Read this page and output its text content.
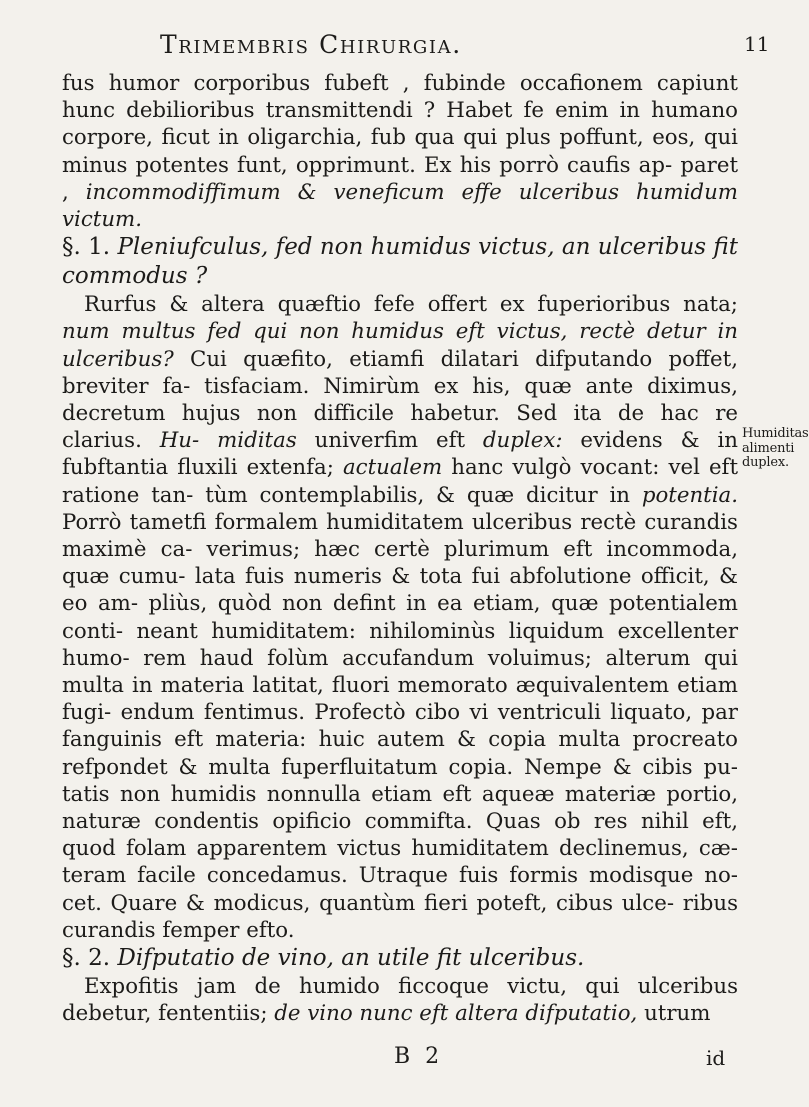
Trimembris Chirurgia.	11

fus humor corporibus fubeft , fubinde occafionem capiunt hunc debilioribus transmittendi ? Habet fe enim in humano corpore, ficut in oligarchia, fub qua qui plus poffunt, eos, qui minus potentes funt, opprimunt. Ex his porrò caufis ap- paret , incommodiffimum & veneficum effe ulceribus humidum victum.

§. 1. Pleniufculus, fed non humidus victus, an ulceribus fit commodus ?

Rurfus & altera quæftio fefe offert ex fuperioribus nata; num multus fed qui non humidus eft victus, rectè detur in ulceribus? Cui quæfito, etiamfi dilatari difputando poffet, breviter fa- tisfaciam. Nimirùm ex his, quæ ante diximus, decretum hujus non difficile habetur. Sed ita de hac re clarius. Hu- miditas univerfim eft duplex: evidens & in fubftantia fluxili extenfa; actualem hanc vulgò vocant: vel eft ratione tan- tùm contemplabilis, & quæ dicitur in potentia. Porrò tametfi formalem humiditatem ulceribus rectè curandis maximè ca- verimus; hæc certè plurimum eft incommoda, quæ cumu- lata fuis numeris & tota fui abfolutione officit, & eo am- pliùs, quòd non defint in ea etiam, quæ potentialem conti- neant humiditatem: nihilominùs liquidum excellenter humo- rem haud folùm accufandum voluimus; alterum qui multa in materia latitat, fluori memorato æquivalentem etiam fugi- endum fentimus. Profectò cibo vi ventriculi liquato, par fanguinis eft materia: huic autem & copia multa procreato refpondet & multa fuperfluitatum copia. Nempe & cibis pu- tatis non humidis nonnulla etiam eft aqueæ materiæ portio, naturæ condentis opificio commifta. Quas ob res nihil eft, quod folam apparentem victus humiditatem declinemus, cæ- teram facile concedamus. Utraque fuis formis modisque no- cet. Quare & modicus, quantùm fieri poteft, cibus ulce- ribus curandis femper efto.

§. 2. Difputatio de vino, an utile fit ulceribus.

Expofitis jam de humido ficcoque victu, qui ulceribus debetur, fententiis; de vino nunc eft altera difputatio, utrum

Humiditas
alimenti
duplex.
B 2	id
